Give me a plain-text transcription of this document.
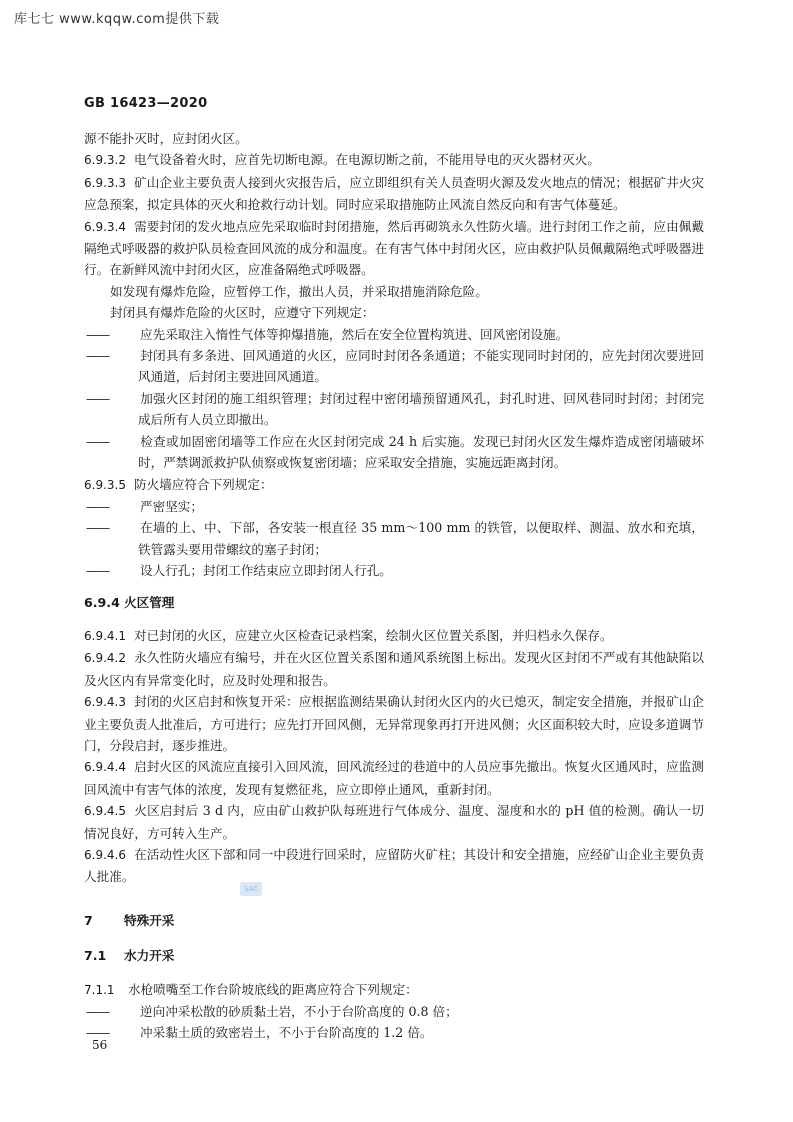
库七七 www.kqqw.com提供下载
GB 16423—2020

源不能扑灭时，应封闭火区。

6.9.3.2 电气设备着火时，应首先切断电源。在电源切断之前，不能用导电的灭火器材灭火。

6.9.3.3 矿山企业主要负责人接到火灾报告后，应立即组织有关人员查明火源及发火地点的情况；根据矿井火灾应急预案，拟定具体的灭火和抢救行动计划。同时应采取措施防止风流自然反向和有害气体蔓延。

6.9.3.4 需要封闭的发火地点应先采取临时封闭措施，然后再砌筑永久性防火墙。进行封闭工作之前，应由佩戴隔绝式呼吸器的救护队员检查回风流的成分和温度。在有害气体中封闭火区，应由救护队员佩戴隔绝式呼吸器进行。在新鲜风流中封闭火区，应准备隔绝式呼吸器。

如发现有爆炸危险，应暂停工作，撤出人员，并采取措施消除危险。

封闭具有爆炸危险的火区时，应遵守下列规定：

—— 应先采取注入惰性气体等抑爆措施，然后在安全位置构筑进、回风密闭设施。

—— 封闭具有多条进、回风通道的火区，应同时封闭各条通道；不能实现同时封闭的，应先封闭次要进回风通道，后封闭主要进回风通道。

—— 加强火区封闭的施工组织管理；封闭过程中密闭墙预留通风孔，封孔时进、回风巷同时封闭；封闭完成后所有人员立即撤出。

—— 检查或加固密闭墙等工作应在火区封闭完成 24 h 后实施。发现已封闭火区发生爆炸造成密闭墙破坏时，严禁调派救护队侦察或恢复密闭墙；应采取安全措施，实施远距离封闭。

6.9.3.5 防火墙应符合下列规定：

—— 严密坚实；

—— 在墙的上、中、下部，各安装一根直径 35 mm～100 mm 的铁管，以便取样、测温、放水和充填，铁管露头要用带螺纹的塞子封闭；

—— 设人行孔；封闭工作结束应立即封闭人行孔。

6.9.4 火区管理

6.9.4.1 对已封闭的火区，应建立火区检查记录档案，绘制火区位置关系图，并归档永久保存。

6.9.4.2 永久性防火墙应有编号，并在火区位置关系图和通风系统图上标出。发现火区封闭不严或有其他缺陷以及火区内有异常变化时，应及时处理和报告。

6.9.4.3 封闭的火区启封和恢复开采：应根据监测结果确认封闭火区内的火已熄灭，制定安全措施，并报矿山企业主要负责人批准后，方可进行；应先打开回风侧，无异常现象再打开进风侧；火区面积较大时，应设多道调节门，分段启封，逐步推进。

6.9.4.4 启封火区的风流应直接引入回风流，回风流经过的巷道中的人员应事先撤出。恢复火区通风时，应监测回风流中有害气体的浓度，发现有复燃征兆，应立即停止通风，重新封闭。

6.9.4.5 火区启封后 3 d 内，应由矿山救护队每班进行气体成分、温度、湿度和水的 pH 值的检测。确认一切情况良好，方可转入生产。

6.9.4.6 在活动性火区下部和同一中段进行回采时，应留防火矿柱；其设计和安全措施，应经矿山企业主要负责人批准。

7 特殊开采
7.1 水力开采

7.1.1 水枪喷嘴至工作台阶坡底线的距离应符合下列规定：

—— 逆向冲采松散的砂质黏土岩，不小于台阶高度的 0.8 倍；

—— 冲采黏土质的致密岩土，不小于台阶高度的 1.2 倍。

SAC
56
